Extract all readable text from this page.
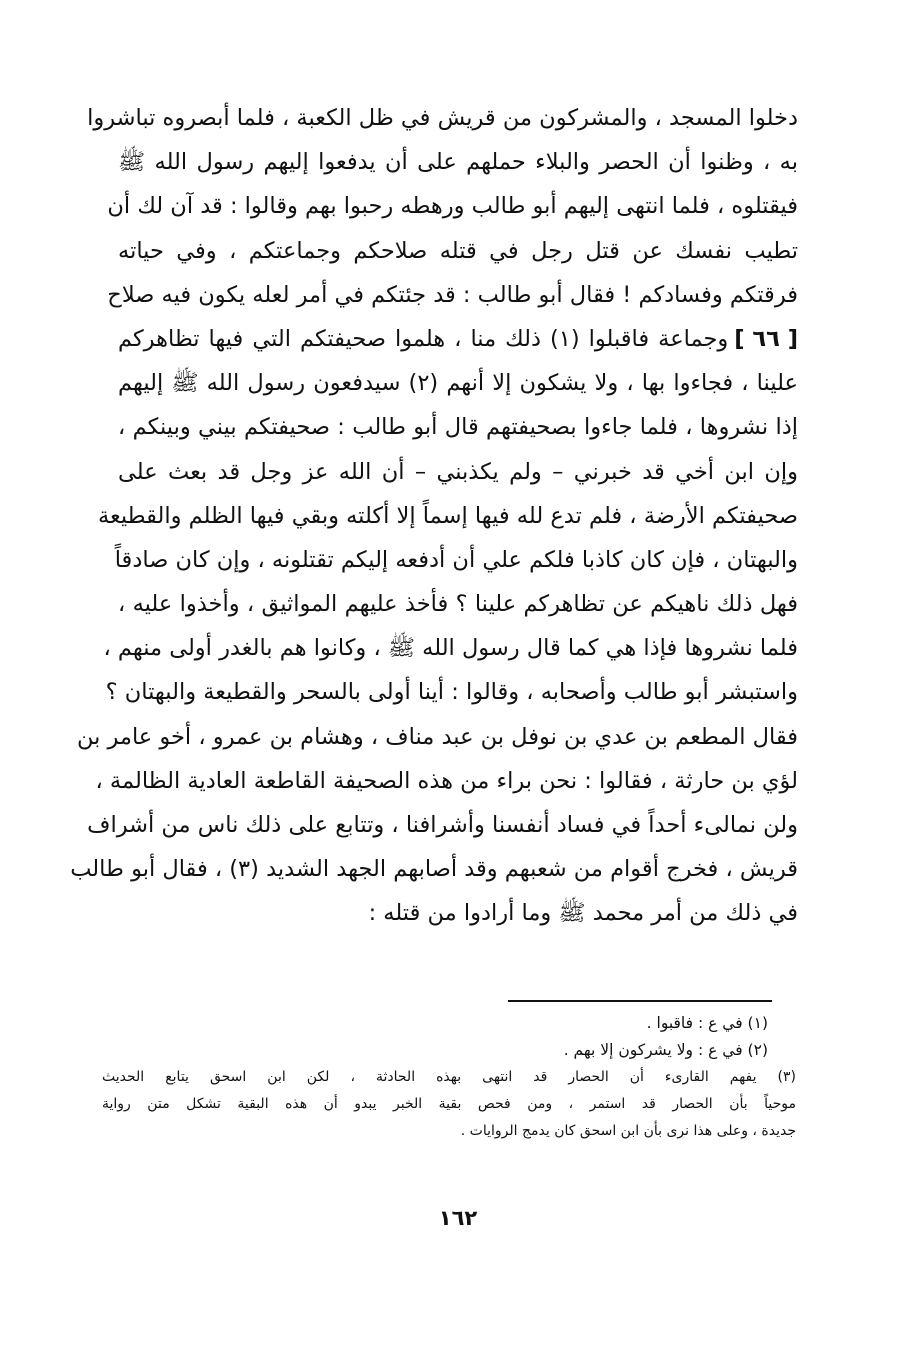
دخلوا المسجد ، والمشركون من قريش في ظل الكعبة ، فلما أبصروه تباشروا
به ، وظنوا أن الحصر والبلاء حملهم على أن يدفعوا إليهم رسول الله ﷺ
فيقتلوه ، فلما انتهى إليهم أبو طالب ورهطه رحبوا بهم وقالوا : قد آن لك أن
تطيب نفسك عن قتل رجل في قتله صلاحكم وجماعتكم ، وفي حياته
فرقتكم وفسادكم ! فقال أبو طالب : قد جئتكم في أمر لعله يكون فيه صلاح
[ ٦٦ ]وجماعة فاقبلوا (١) ذلك منا ، هلموا صحيفتكم التي فيها تظاهركم
علينا ، فجاءوا بها ، ولا يشكون إلا أنهم (٢) سيدفعون رسول الله ﷺ إليهم
إذا نشروها ، فلما جاءوا بصحيفتهم قال أبو طالب : صحيفتكم بيني وبينكم ،
وإن ابن أخي قد خبرني – ولم يكذبني – أن الله عز وجل قد بعث على
صحيفتكم الأرضة ، فلم تدع لله فيها إسماً إلا أكلته وبقي فيها الظلم والقطيعة
والبهتان ، فإن كان كاذبا فلكم علي أن أدفعه إليكم تقتلونه ، وإن كان صادقاً
فهل ذلك ناهيكم عن تظاهركم علينا ؟ فأخذ عليهم المواثيق ، وأخذوا عليه ،
فلما نشروها فإذا هي كما قال رسول الله ﷺ ، وكانوا هم بالغدر أولى منهم ،
واستبشر أبو طالب وأصحابه ، وقالوا : أينا أولى بالسحر والقطيعة والبهتان ؟
فقال المطعم بن عدي بن نوفل بن عبد مناف ، وهشام بن عمرو ، أخو عامر بن
لؤي بن حارثة ، فقالوا : نحن براء من هذه الصحيفة القاطعة العادية الظالمة ،
ولن نمالىء أحداً في فساد أنفسنا وأشرافنا ، وتتابع على ذلك ناس من أشراف
قريش ، فخرج أقوام من شعبهم وقد أصابهم الجهد الشديد (٣) ، فقال أبو طالب
في ذلك من أمر محمد ﷺ وما أرادوا من قتله :
(١) في ع : فاقبوا .
(٢) في ع : ولا يشركون إلا بهم .
(٣) يفهم القارىء أن الحصار قد انتهى بهذه الحادثة ، لكن ابن اسحق يتابع الحديث
موحياً بأن الحصار قد استمر ، ومن فحص بقية الخبر يبدو أن هذه البقية تشكل متن رواية
جديدة ، وعلى هذا نرى بأن ابن اسحق كان يدمج الروايات .
١٦٢
